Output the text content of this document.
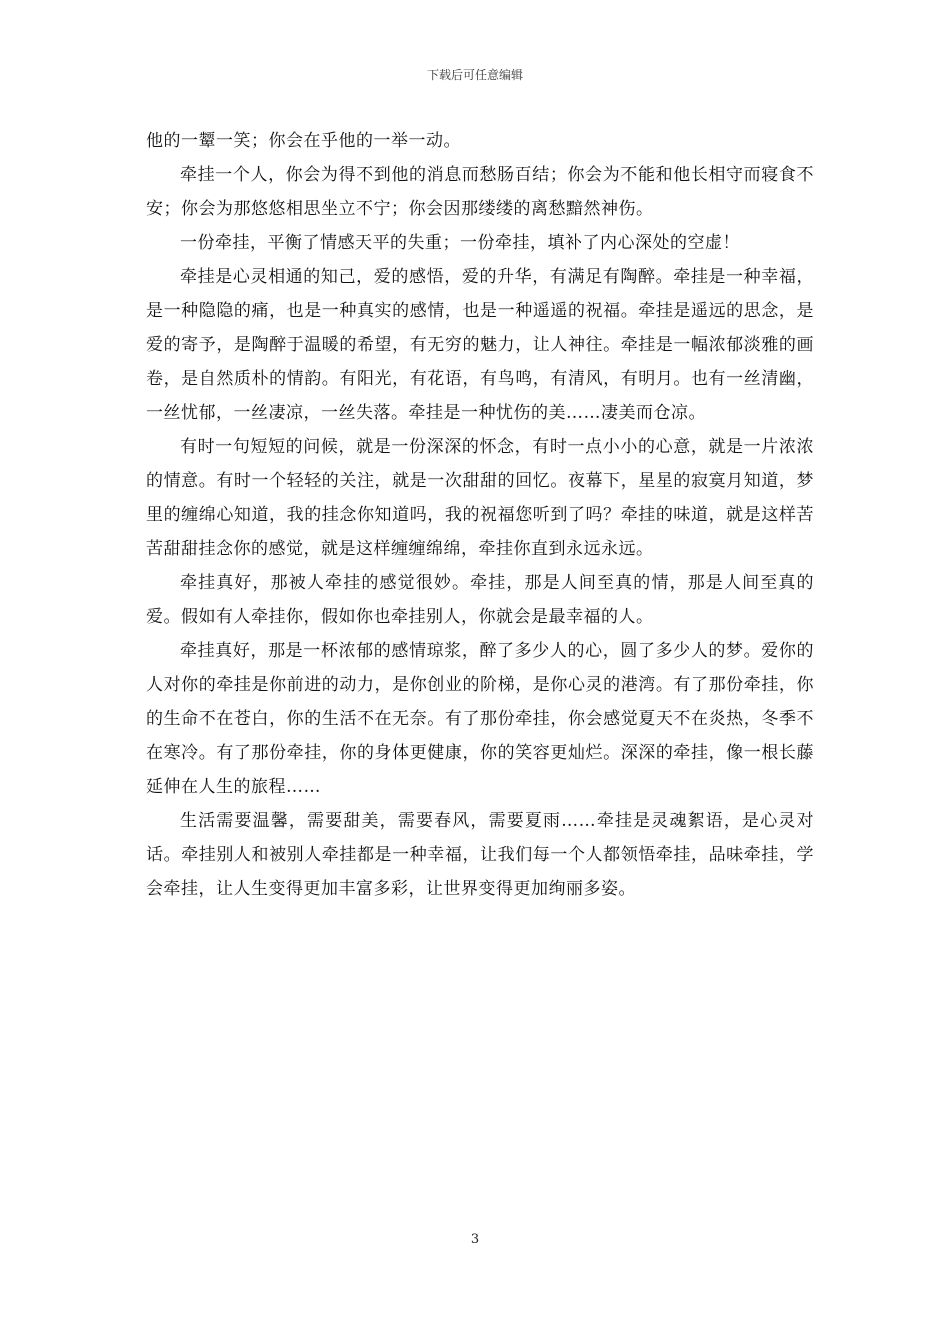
下载后可任意编辑

他的一颦一笑；你会在乎他的一举一动。

牵挂一个人，你会为得不到他的消息而愁肠百结；你会为不能和他长相守而寝食不安；你会为那悠悠相思坐立不宁；你会因那缕缕的离愁黯然神伤。

一份牵挂，平衡了情感天平的失重；一份牵挂，填补了内心深处的空虚！

牵挂是心灵相通的知己，爱的感悟，爱的升华，有满足有陶醉。牵挂是一种幸福，是一种隐隐的痛，也是一种真实的感情，也是一种遥遥的祝福。牵挂是遥远的思念，是爱的寄予，是陶醉于温暖的希望，有无穷的魅力，让人神往。牵挂是一幅浓郁淡雅的画卷，是自然质朴的情韵。有阳光，有花语，有鸟鸣，有清风，有明月。也有一丝清幽，一丝忧郁，一丝凄凉，一丝失落。牵挂是一种忧伤的美……凄美而仓凉。

有时一句短短的问候，就是一份深深的怀念，有时一点小小的心意，就是一片浓浓的情意。有时一个轻轻的关注，就是一次甜甜的回忆。夜幕下，星星的寂寞月知道，梦里的缠绵心知道，我的挂念你知道吗，我的祝福您听到了吗？牵挂的味道，就是这样苦苦甜甜挂念你的感觉，就是这样缠缠绵绵，牵挂你直到永远永远。

牵挂真好，那被人牵挂的感觉很妙。牵挂，那是人间至真的情，那是人间至真的爱。假如有人牵挂你，假如你也牵挂别人，你就会是最幸福的人。

牵挂真好，那是一杯浓郁的感情琼浆，醉了多少人的心，圆了多少人的梦。爱你的人对你的牵挂是你前进的动力，是你创业的阶梯，是你心灵的港湾。有了那份牵挂，你的生命不在苍白，你的生活不在无奈。有了那份牵挂，你会感觉夏天不在炎热，冬季不在寒冷。有了那份牵挂，你的身体更健康，你的笑容更灿烂。深深的牵挂，像一根长藤延伸在人生的旅程……

生活需要温馨，需要甜美，需要春风，需要夏雨……牵挂是灵魂絮语，是心灵对话。牵挂别人和被别人牵挂都是一种幸福，让我们每一个人都领悟牵挂，品味牵挂，学会牵挂，让人生变得更加丰富多彩，让世界变得更加绚丽多姿。

3
